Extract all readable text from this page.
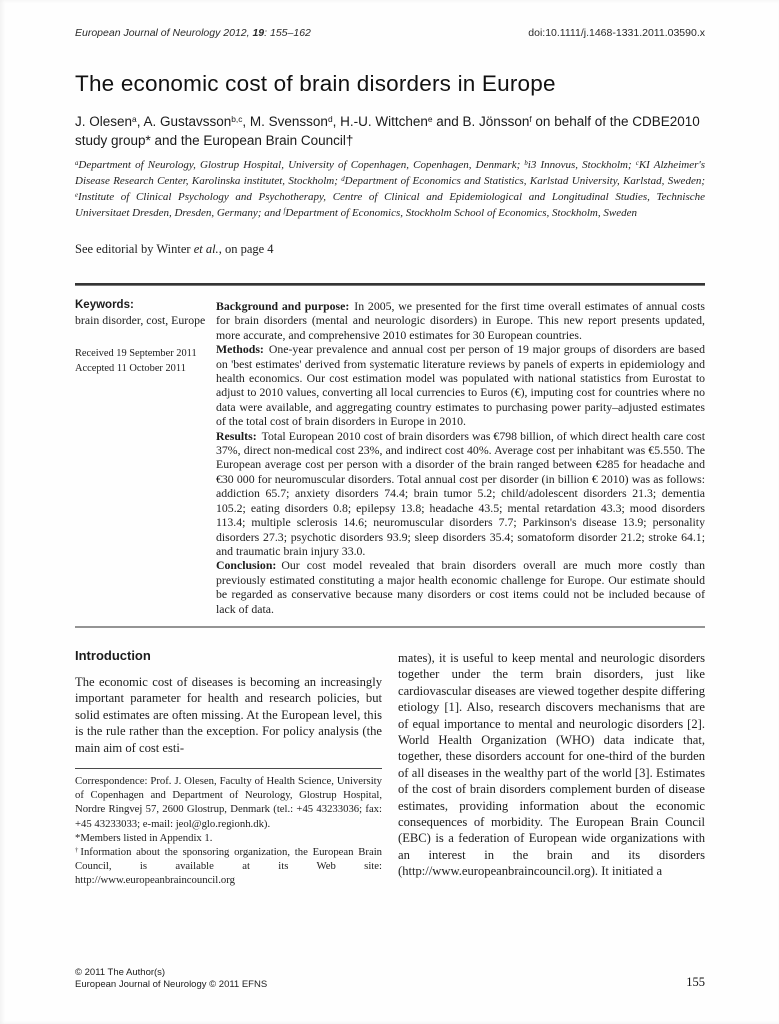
European Journal of Neurology 2012, 19: 155–162	doi:10.1111/j.1468-1331.2011.03590.x
The economic cost of brain disorders in Europe
J. Olesen$^a$, A. Gustavsson$^{b,c}$, M. Svensson$^d$, H.-U. Wittchen$^e$ and B. Jönsson$^f$ on behalf of the CDBE2010 study group* and the European Brain Council†
$^a$Department of Neurology, Glostrup Hospital, University of Copenhagen, Copenhagen, Denmark; $^b$i3 Innovus, Stockholm; $^c$KI Alzheimer's Disease Research Center, Karolinska institutet, Stockholm; $^d$Department of Economics and Statistics, Karlstad University, Karlstad, Sweden; $^e$Institute of Clinical Psychology and Psychotherapy, Centre of Clinical and Epidemiological and Longitudinal Studies, Technische Universitaet Dresden, Dresden, Germany; and $^f$Department of Economics, Stockholm School of Economics, Stockholm, Sweden
See editorial by Winter et al., on page 4
Keywords:
brain disorder, cost, Europe
Received 19 September 2011
Accepted 11 October 2011

Background and purpose: In 2005, we presented for the first time overall estimates of annual costs for brain disorders (mental and neurologic disorders) in Europe. This new report presents updated, more accurate, and comprehensive 2010 estimates for 30 European countries.

Methods: One-year prevalence and annual cost per person of 19 major groups of disorders are based on 'best estimates' derived from systematic literature reviews by panels of experts in epidemiology and health economics. Our cost estimation model was populated with national statistics from Eurostat to adjust to 2010 values, converting all local currencies to Euros (€), imputing cost for countries where no data were available, and aggregating country estimates to purchasing power parity–adjusted estimates of the total cost of brain disorders in Europe in 2010.

Results: Total European 2010 cost of brain disorders was €798 billion, of which direct health care cost 37%, direct non-medical cost 23%, and indirect cost 40%. Average cost per inhabitant was €5.550. The European average cost per person with a disorder of the brain ranged between €285 for headache and €30 000 for neuromuscular disorders. Total annual cost per disorder (in billion € 2010) was as follows: addiction 65.7; anxiety disorders 74.4; brain tumor 5.2; child/adolescent disorders 21.3; dementia 105.2; eating disorders 0.8; epilepsy 13.8; headache 43.5; mental retardation 43.3; mood disorders 113.4; multiple sclerosis 14.6; neuromuscular disorders 7.7; Parkinson's disease 13.9; personality disorders 27.3; psychotic disorders 93.9; sleep disorders 35.4; somatoform disorder 21.2; stroke 64.1; and traumatic brain injury 33.0.

Conclusion: Our cost model revealed that brain disorders overall are much more costly than previously estimated constituting a major health economic challenge for Europe. Our estimate should be regarded as conservative because many disorders or cost items could not be included because of lack of data.

Introduction

The economic cost of diseases is becoming an increasingly important parameter for health and research policies, but solid estimates are often missing. At the European level, this is the rule rather than the exception. For policy analysis (the main aim of cost esti-

Correspondence: Prof. J. Olesen, Faculty of Health Science, University of Copenhagen and Department of Neurology, Glostrup Hospital, Nordre Ringvej 57, 2600 Glostrup, Denmark (tel.: +45 43233036; fax: +45 43233033; e-mail: jeol@glo.regionh.dk).

*Members listed in Appendix 1.

†Information about the sponsoring organization, the European Brain Council, is available at its Web site: http://www.europeanbraincouncil.org

mates), it is useful to keep mental and neurologic disorders together under the term brain disorders, just like cardiovascular diseases are viewed together despite differing etiology [1]. Also, research discovers mechanisms that are of equal importance to mental and neurologic disorders [2]. World Health Organization (WHO) data indicate that, together, these disorders account for one-third of the burden of all diseases in the wealthy part of the world [3]. Estimates of the cost of brain disorders complement burden of disease estimates, providing information about the economic consequences of morbidity. The European Brain Council (EBC) is a federation of European wide organizations with an interest in the brain and its disorders (http://www.europeanbraincouncil.org). It initiated a

© 2011 The Author(s)
European Journal of Neurology © 2011 EFNS	155
